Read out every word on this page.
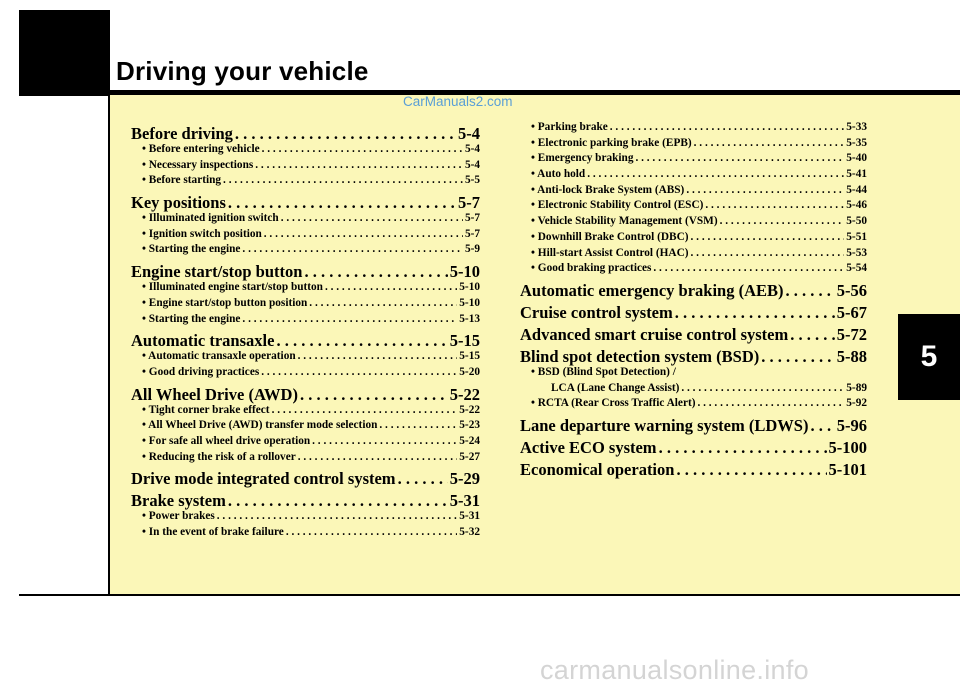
Driving your vehicle
CarManuals2.com
5
Before driving . . .	5-4
• Before entering vehicle . . .	5-4
• Necessary inspections . . .	5-4
• Before starting . . .	5-5
Key positions . . .	5-7
• Illuminated ignition switch . . .	5-7
• Ignition switch position . . .	5-7
• Starting the engine . . .	5-9
Engine start/stop button . . .	5-10
• Illuminated engine start/stop button . . .	5-10
• Engine start/stop button position . . .	5-10
• Starting the engine . . .	5-13
Automatic transaxle . . .	5-15
• Automatic transaxle operation . . .	5-15
• Good driving practices . . .	5-20
All Wheel Drive (AWD) . . .	5-22
• Tight corner brake effect . . .	5-22
• All Wheel Drive (AWD) transfer mode selection . . .	5-23
• For safe all wheel drive operation . . .	5-24
• Reducing the risk of a rollover . . .	5-27
Drive mode integrated control system . . .	5-29
Brake system . . .	5-31
• Power brakes . . .	5-31
• In the event of brake failure . . .	5-32
• Parking brake . . .	5-33
• Electronic parking brake (EPB) . . .	5-35
• Emergency braking . . .	5-40
• Auto hold . . .	5-41
• Anti-lock Brake System (ABS) . . .	5-44
• Electronic Stability Control (ESC) . . .	5-46
• Vehicle Stability Management (VSM) . . .	5-50
• Downhill Brake Control (DBC) . . .	5-51
• Hill-start Assist Control (HAC) . . .	5-53
• Good braking practices . . .	5-54
Automatic emergency braking (AEB) . . .	5-56
Cruise control system . . .	5-67
Advanced smart cruise control system . . .	5-72
Blind spot detection system (BSD) . . .	5-88
• BSD (Blind Spot Detection) /
LCA (Lane Change Assist) . . .	5-89
• RCTA (Rear Cross Traffic Alert) . . .	5-92
Lane departure warning system (LDWS) . . . 5-96
Active ECO system . . .	5-100
Economical operation . . .	5-101
carmanualsonline.info
